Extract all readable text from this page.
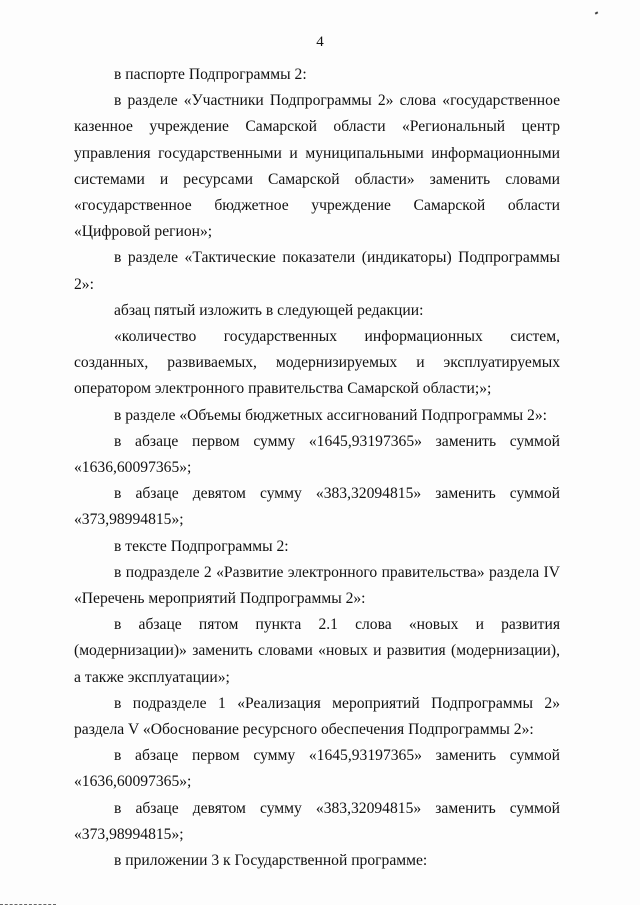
4

в паспорте Подпрограммы 2:

в разделе «Участники Подпрограммы 2» слова «государственное казенное учреждение Самарской области «Региональный центр управления государственными и муниципальными информационными системами и ресурсами Самарской области» заменить словами «государственное бюджетное учреждение Самарской области «Цифровой регион»;

в разделе «Тактические показатели (индикаторы) Подпрограммы 2»:

абзац пятый изложить в следующей редакции:

«количество государственных информационных систем, созданных, развиваемых, модернизируемых и эксплуатируемых оператором электронного правительства Самарской области;»;

в разделе «Объемы бюджетных ассигнований Подпрограммы 2»:

в абзаце первом сумму «1645,93197365» заменить суммой «1636,60097365»;

в абзаце девятом сумму «383,32094815» заменить суммой «373,98994815»;

в тексте Подпрограммы 2:

в подразделе 2 «Развитие электронного правительства» раздела IV «Перечень мероприятий Подпрограммы 2»:

в абзаце пятом пункта 2.1 слова «новых и развития (модернизации)» заменить словами «новых и развития (модернизации), а также эксплуатации»;

в подразделе 1 «Реализация мероприятий Подпрограммы 2» раздела V «Обоснование ресурсного обеспечения Подпрограммы 2»:

в абзаце первом сумму «1645,93197365» заменить суммой «1636,60097365»;

в абзаце девятом сумму «383,32094815» заменить суммой «373,98994815»;

в приложении 3 к Государственной программе:
